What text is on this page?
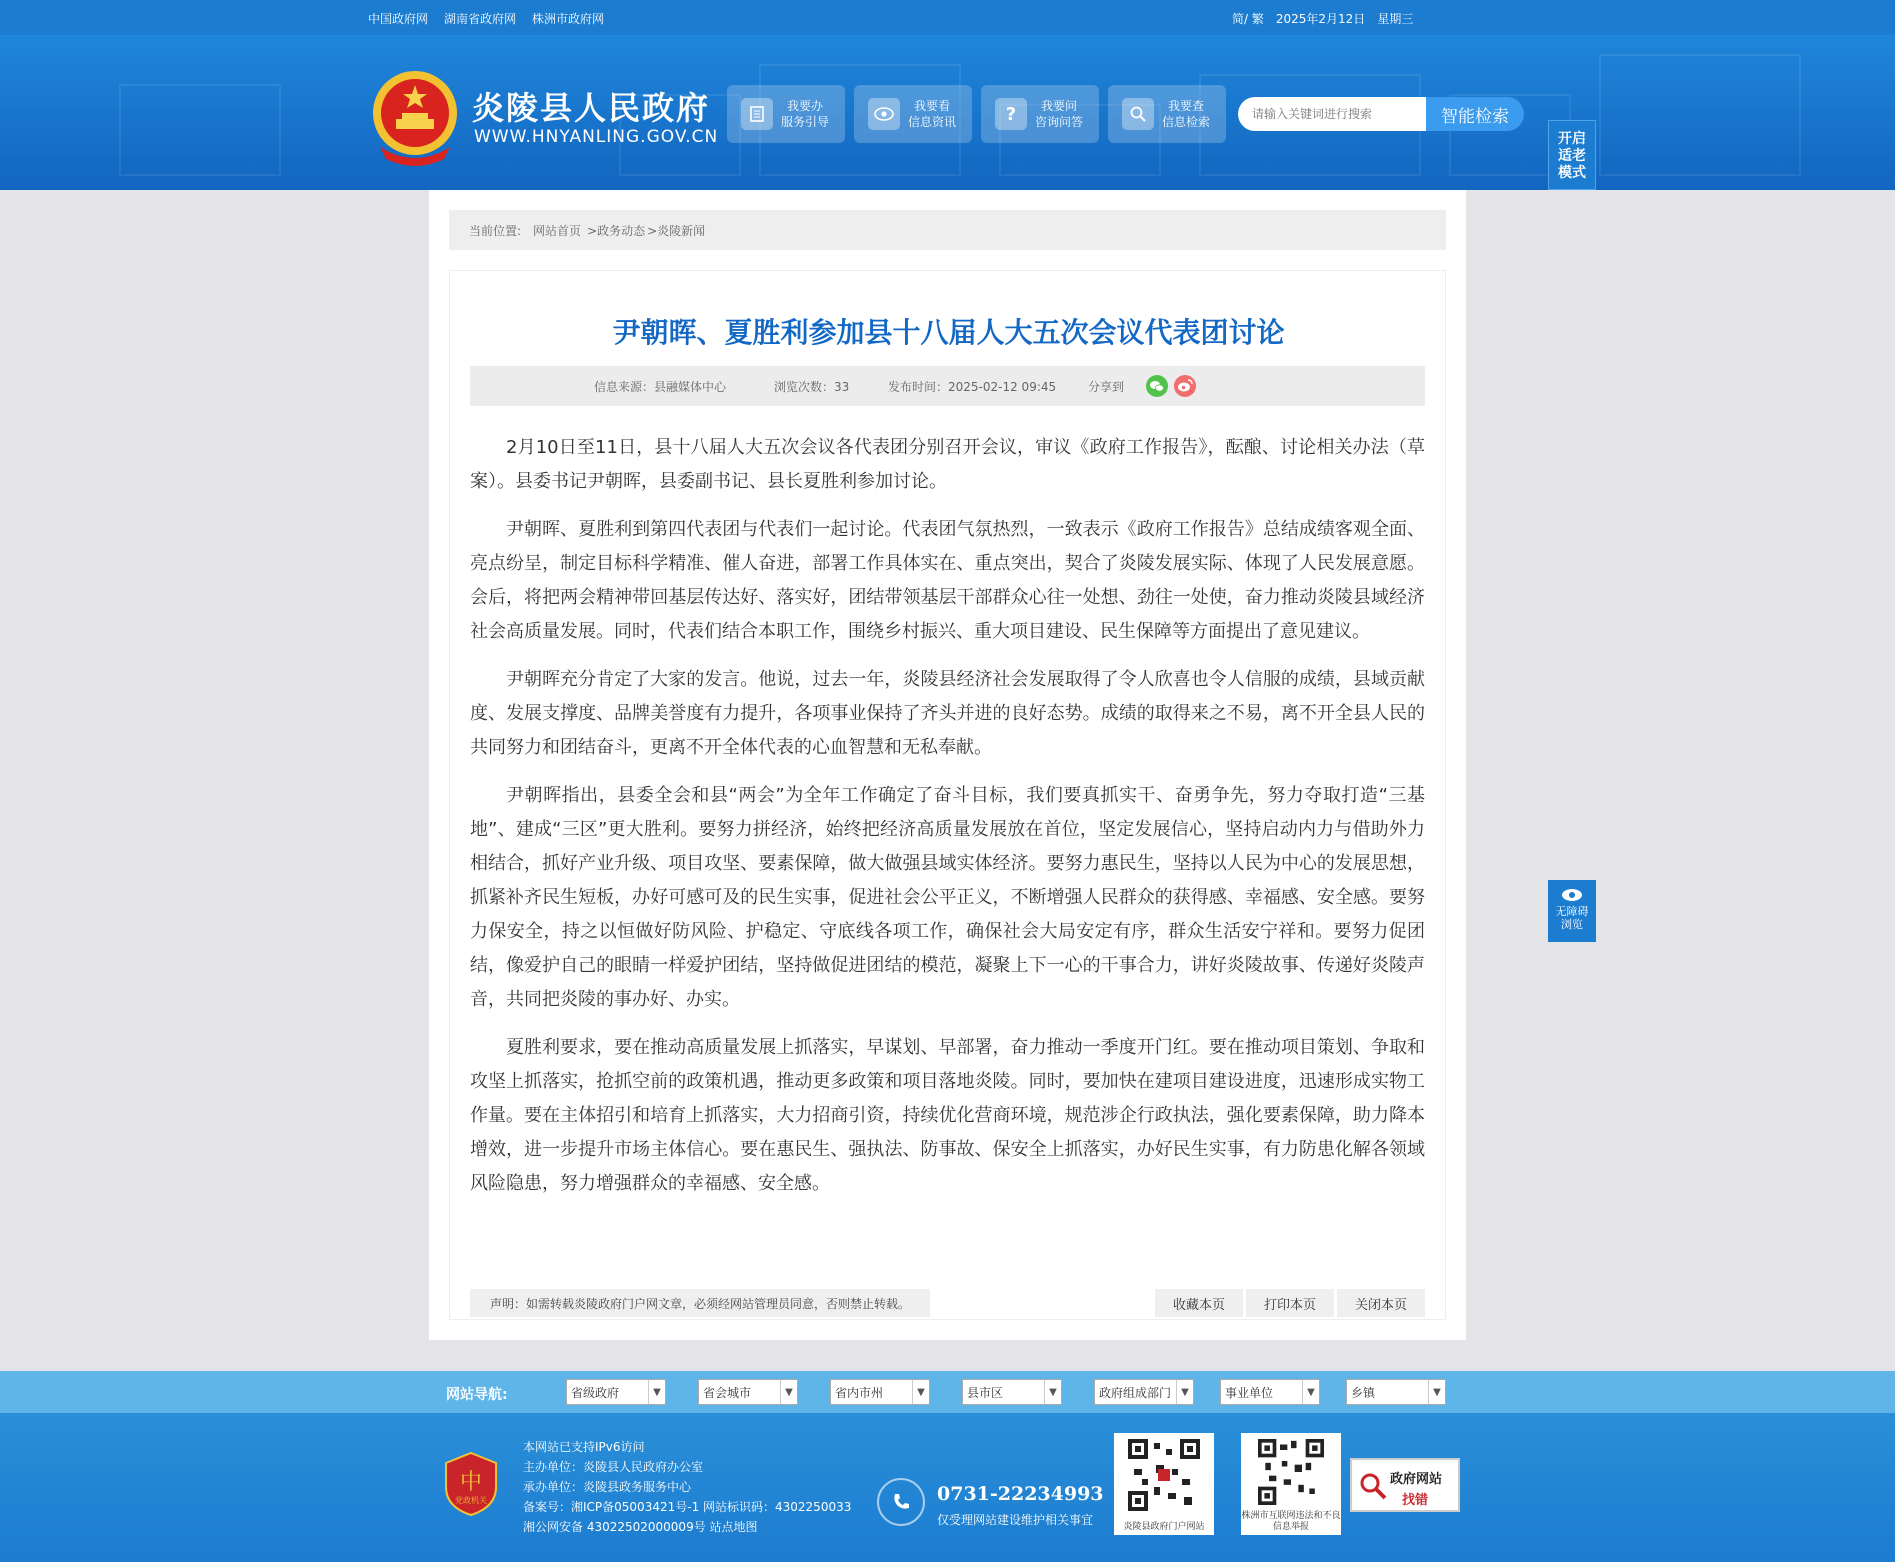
中国政府网 湖南省政府网 株洲市政府网	简/ 繁 2025年2月12日 星期三
炎陵县人民政府
WWW.HNYANLING.GOV.CN
我要办
服务引导
我要看
信息资讯	?	我要问
咨询问答
我要查
信息检索
请输入关键词进行搜索	智能检索
开启
适老
模式
无障碍
浏览
当前位置: 网站首页 >政务动态 >炎陵新闻
尹朝晖、夏胜利参加县十八届人大五次会议代表团讨论
信息来源：县融媒体中心	浏览次数：33	发布时间：2025-02-12 09:45	分享到

2月10日至11日，县十八届人大五次会议各代表团分别召开会议，审议《政府工作报告》，酝酿、讨论相关办法（草案）。县委书记尹朝晖，县委副书记、县长夏胜利参加讨论。

尹朝晖、夏胜利到第四代表团与代表们一起讨论。代表团气氛热烈，一致表示《政府工作报告》总结成绩客观全面、亮点纷呈，制定目标科学精准、催人奋进，部署工作具体实在、重点突出，契合了炎陵发展实际、体现了人民发展意愿。会后，将把两会精神带回基层传达好、落实好，团结带领基层干部群众心往一处想、劲往一处使，奋力推动炎陵县域经济社会高质量发展。同时，代表们结合本职工作，围绕乡村振兴、重大项目建设、民生保障等方面提出了意见建议。

尹朝晖充分肯定了大家的发言。他说，过去一年，炎陵县经济社会发展取得了令人欣喜也令人信服的成绩，县域贡献度、发展支撑度、品牌美誉度有力提升，各项事业保持了齐头并进的良好态势。成绩的取得来之不易，离不开全县人民的共同努力和团结奋斗，更离不开全体代表的心血智慧和无私奉献。

尹朝晖指出，县委全会和县“两会”为全年工作确定了奋斗目标，我们要真抓实干、奋勇争先，努力夺取打造“三基地”、建成“三区”更大胜利。要努力拼经济，始终把经济高质量发展放在首位，坚定发展信心，坚持启动内力与借助外力相结合，抓好产业升级、项目攻坚、要素保障，做大做强县域实体经济。要努力惠民生，坚持以人民为中心的发展思想，抓紧补齐民生短板，办好可感可及的民生实事，促进社会公平正义，不断增强人民群众的获得感、幸福感、安全感。要努力保安全，持之以恒做好防风险、护稳定、守底线各项工作，确保社会大局安定有序，群众生活安宁祥和。要努力促团结，像爱护自己的眼睛一样爱护团结，坚持做促进团结的模范，凝聚上下一心的干事合力，讲好炎陵故事、传递好炎陵声音，共同把炎陵的事办好、办实。

夏胜利要求，要在推动高质量发展上抓落实，早谋划、早部署，奋力推动一季度开门红。要在推动项目策划、争取和攻坚上抓落实，抢抓空前的政策机遇，推动更多政策和项目落地炎陵。同时，要加快在建项目建设进度，迅速形成实物工作量。要在主体招引和培育上抓落实，大力招商引资，持续优化营商环境，规范涉企行政执法，强化要素保障，助力降本增效，进一步提升市场主体信心。要在惠民生、强执法、防事故、保安全上抓落实，办好民生实事，有力防患化解各领域风险隐患，努力增强群众的幸福感、安全感。

声明：如需转载炎陵政府门户网文章，必须经网站管理员同意，否则禁止转载。	收藏本页	打印本页	关闭本页
网站导航:	省级政府	▼	省会城市	▼	省内市州	▼	县市区	▼	政府组成部门	▼	事业单位	▼	乡镇	▼
中
党政机关
本网站已支持IPv6访问
主办单位：炎陵县人民政府办公室
承办单位：炎陵县政务服务中心
备案号：湘ICP备05003421号-1 网站标识码：4302250033
湘公网安备 43022502000009号 站点地图
0731-22234993
仅受理网站建设维护相关事宜	炎陵县政府门户网站
株洲市互联网违法和不良信息举报
政府网站
找错
